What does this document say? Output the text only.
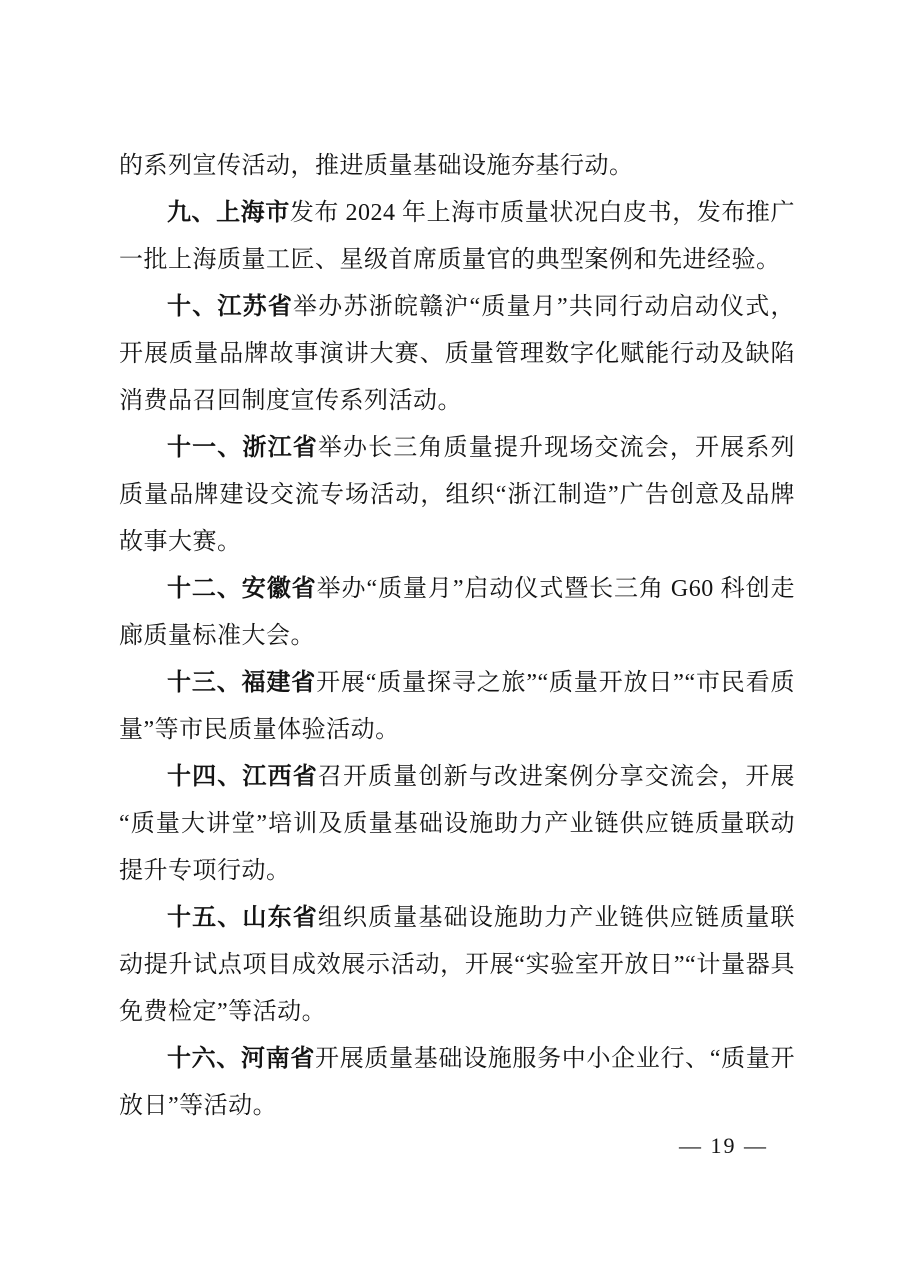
的系列宣传活动，推进质量基础设施夯基行动。

九、上海市发布 2024 年上海市质量状况白皮书，发布推广一批上海质量工匠、星级首席质量官的典型案例和先进经验。

十、江苏省举办苏浙皖赣沪“质量月”共同行动启动仪式，开展质量品牌故事演讲大赛、质量管理数字化赋能行动及缺陷消费品召回制度宣传系列活动。

十一、浙江省举办长三角质量提升现场交流会，开展系列质量品牌建设交流专场活动，组织“浙江制造”广告创意及品牌故事大赛。

十二、安徽省举办“质量月”启动仪式暨长三角 G60 科创走廊质量标准大会。

十三、福建省开展“质量探寻之旅”“质量开放日”“市民看质量”等市民质量体验活动。

十四、江西省召开质量创新与改进案例分享交流会，开展“质量大讲堂”培训及质量基础设施助力产业链供应链质量联动提升专项行动。

十五、山东省组织质量基础设施助力产业链供应链质量联动提升试点项目成效展示活动，开展“实验室开放日”“计量器具免费检定”等活动。

十六、河南省开展质量基础设施服务中小企业行、“质量开放日”等活动。

— 19 —
